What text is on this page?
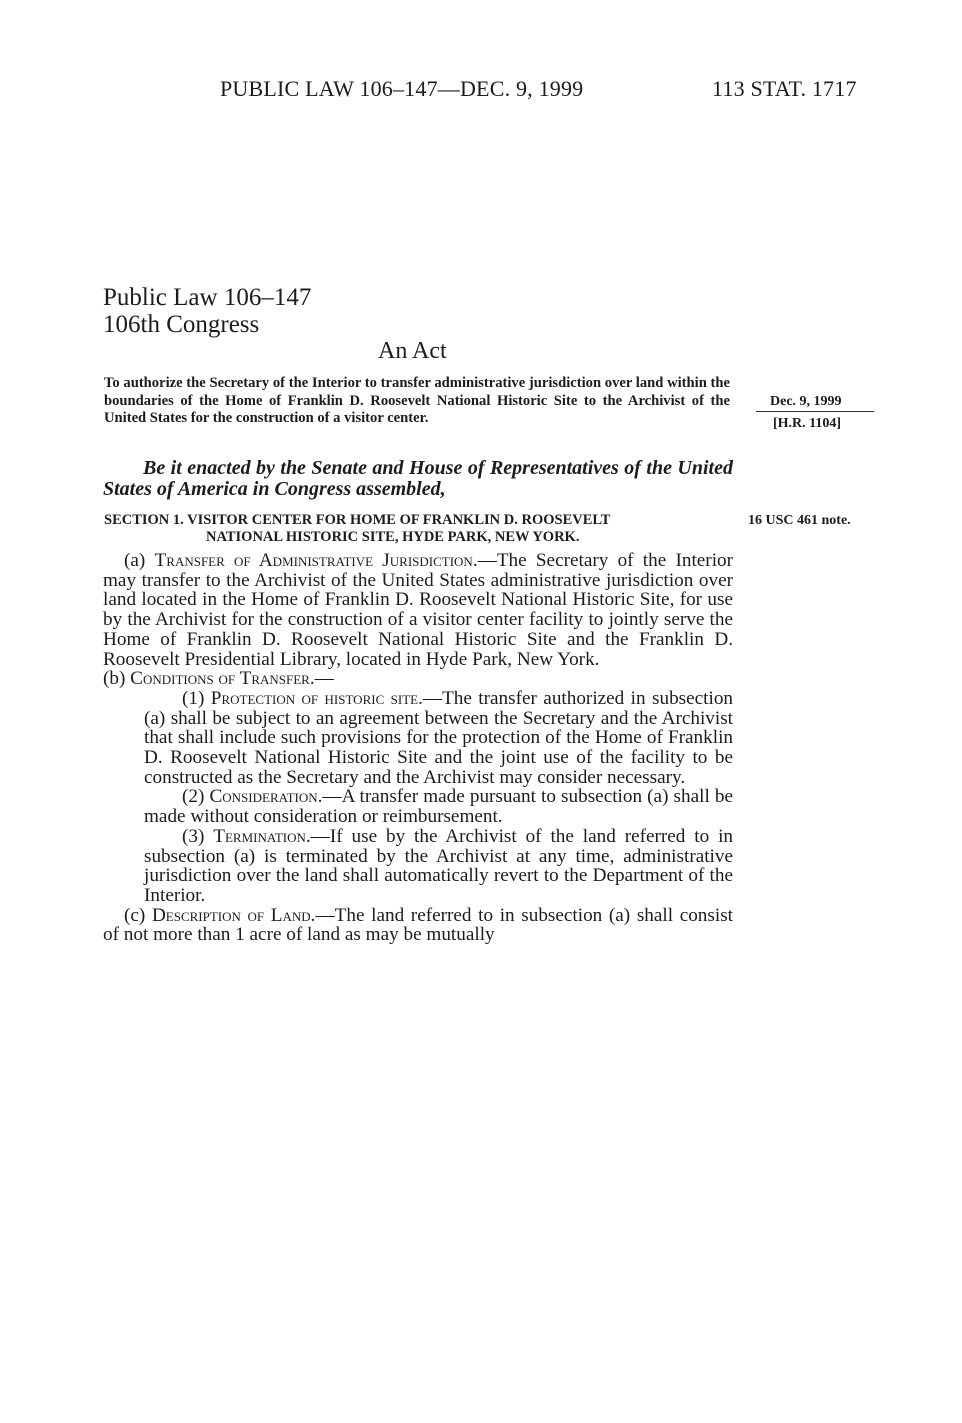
PUBLIC LAW 106–147—DEC. 9, 1999	113 STAT. 1717
Public Law 106–147
106th Congress
An Act
To authorize the Secretary of the Interior to transfer administrative jurisdiction over land within the boundaries of the Home of Franklin D. Roosevelt National Historic Site to the Archivist of the United States for the construction of a visitor center.
Dec. 9, 1999
[H.R. 1104]
16 USC 461 note.
Be it enacted by the Senate and House of Representatives of the United States of America in Congress assembled,
SECTION 1. VISITOR CENTER FOR HOME OF FRANKLIN D. ROOSEVELT
NATIONAL HISTORIC SITE, HYDE PARK, NEW YORK.

(a) Transfer of Administrative Jurisdiction.—The Secretary of the Interior may transfer to the Archivist of the United States administrative jurisdiction over land located in the Home of Franklin D. Roosevelt National Historic Site, for use by the Archivist for the construction of a visitor center facility to jointly serve the Home of Franklin D. Roosevelt National Historic Site and the Franklin D. Roosevelt Presidential Library, located in Hyde Park, New York.

(b) Conditions of Transfer.—

(1) Protection of historic site.—The transfer authorized in subsection (a) shall be subject to an agreement between the Secretary and the Archivist that shall include such provisions for the protection of the Home of Franklin D. Roosevelt National Historic Site and the joint use of the facility to be constructed as the Secretary and the Archivist may consider necessary.

(2) Consideration.—A transfer made pursuant to subsection (a) shall be made without consideration or reimbursement.

(3) Termination.—If use by the Archivist of the land referred to in subsection (a) is terminated by the Archivist at any time, administrative jurisdiction over the land shall automatically revert to the Department of the Interior.

(c) Description of Land.—The land referred to in subsection (a) shall consist of not more than 1 acre of land as may be mutually
